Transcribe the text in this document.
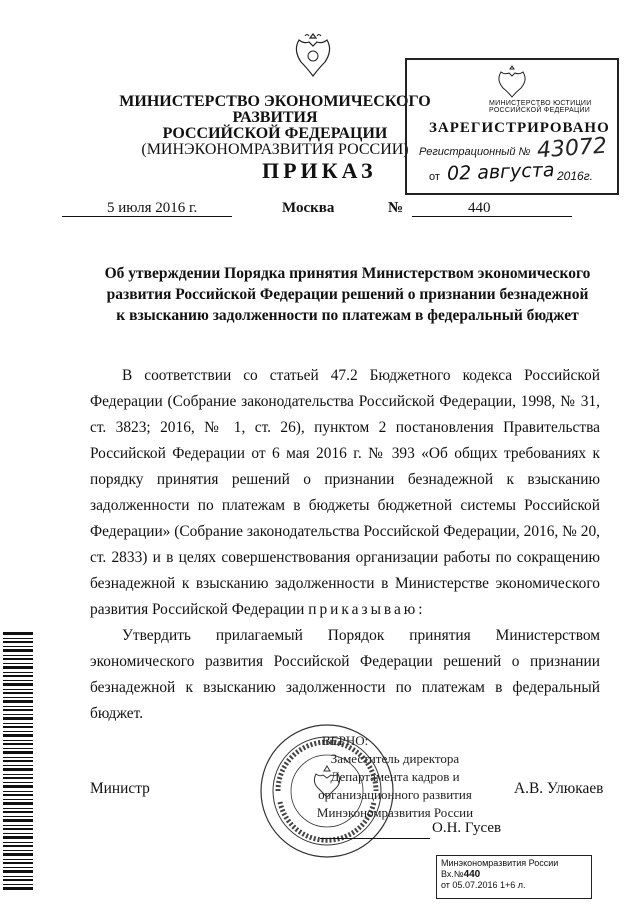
МИНИСТЕРСТВО ЭКОНОМИЧЕСКОГО РАЗВИТИЯ
РОССИЙСКОЙ ФЕДЕРАЦИИ
(МИНЭКОНОМРАЗВИТИЯ РОССИИ)
ПРИКАЗ
5 июля 2016 г.	Москва	№	440
МИНИСТЕРСТВО ЮСТИЦИИ РОССИЙСКОЙ ФЕДЕРАЦИИ
ЗАРЕГИСТРИРОВАНО
Регистрационный № 43072
от 02 августа 2016г.
Об утверждении Порядка принятия Министерством экономического
развития Российской Федерации решений о признании безнадежной
к взысканию задолженности по платежам в федеральный бюджет

В соответствии со статьей 47.2 Бюджетного кодекса Российской Федерации (Собрание законодательства Российской Федерации, 1998, № 31, ст. 3823; 2016, № 1, ст. 26), пунктом 2 постановления Правительства Российской Федерации от 6 мая 2016 г. № 393 «Об общих требованиях к порядку принятия решений о признании безнадежной к взысканию задолженности по платежам в бюджеты бюджетной системы Российской Федерации» (Собрание законодательства Российской Федерации, 2016, № 20, ст. 2833) и в целях совершенствования организации работы по сокращению безнадежной к взысканию задолженности в Министерстве экономического развития Российской Федерации приказываю:

Утвердить прилагаемый Порядок принятия Министерством экономического развития Российской Федерации решений о признании безнадежной к взысканию задолженности по платежам в федеральный бюджет.

ВЕРНО:
Заместитель директора
Департамента кадров и
организационного развития
Минэкономразвития России
Министр	А.В. Улюкаев
О.Н. Гусев
Минэкономразвития России
Вх.№440
от 05.07.2016 1+6 л.
